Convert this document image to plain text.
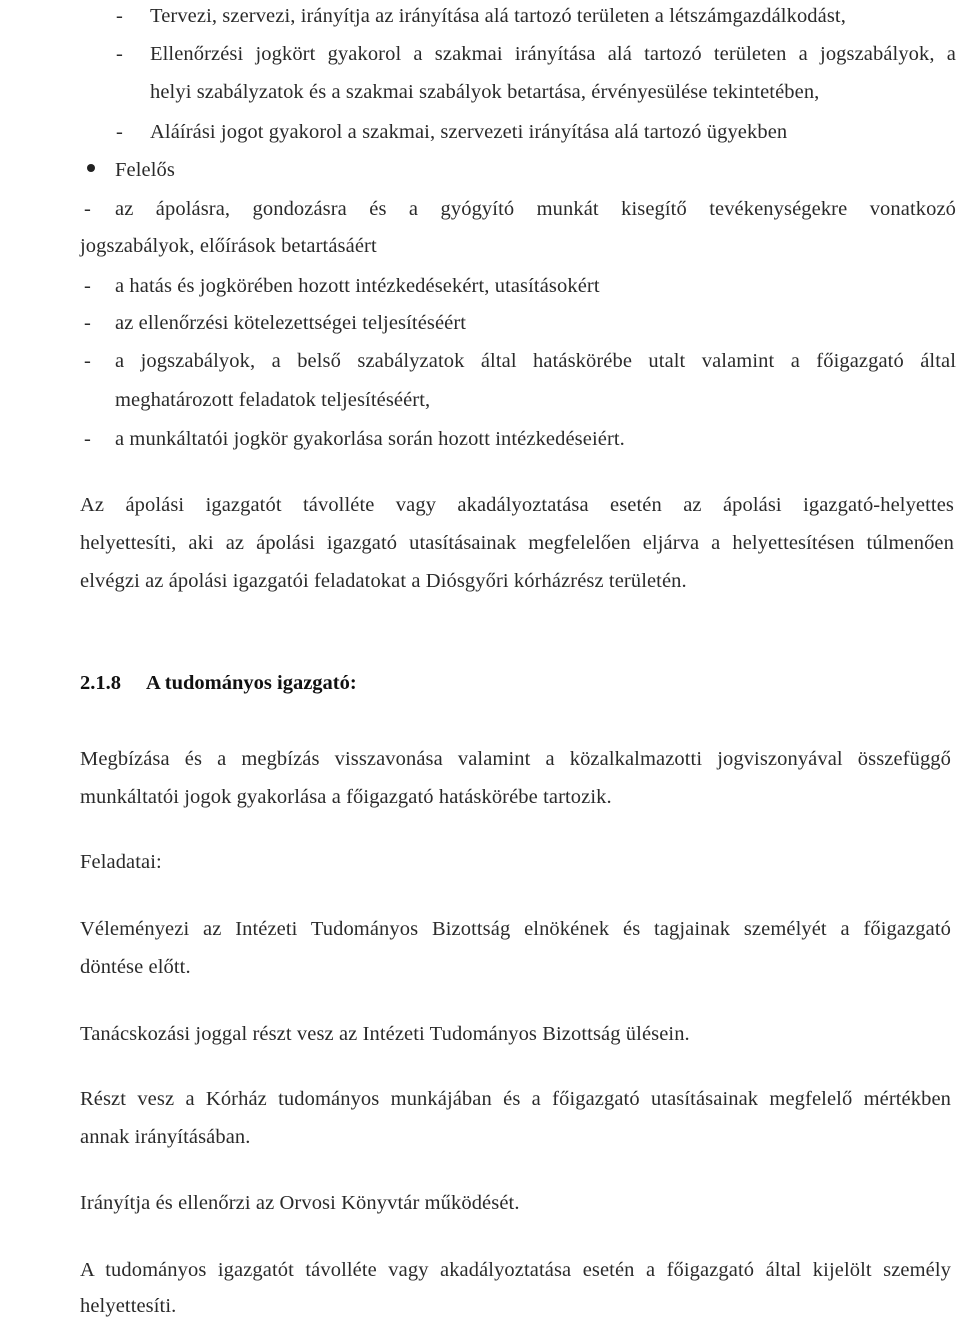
- Tervezi, szervezi, irányítja az irányítása alá tartozó területen a létszámgazdálkodást,
- Ellenőrzési jogkört gyakorol a szakmai irányítása alá tartozó területen a jogszabályok, a
helyi szabályzatok és a szakmai szabályok betartása, érvényesülése tekintetében,
- Aláírási jogot gyakorol a szakmai, szervezeti irányítása alá tartozó ügyekben
Felelős
- az ápolásra, gondozásra és a gyógyító munkát kisegítő tevékenységekre vonatkozó
jogszabályok, előírások betartásáért
- a hatás és jogkörében hozott intézkedésekért, utasításokért
- az ellenőrzési kötelezettségei teljesítéséért
- a jogszabályok, a belső szabályzatok által hatáskörébe utalt valamint a főigazgató által
meghatározott feladatok teljesítéséért,
- a munkáltatói jogkör gyakorlása során hozott intézkedéseiért.
Az ápolási igazgatót távolléte vagy akadályoztatása esetén az ápolási igazgató-helyettes
helyettesíti, aki az ápolási igazgató utasításainak megfelelően eljárva a helyettesítésen túlmenően
elvégzi az ápolási igazgatói feladatokat a Diósgyőri kórházrész területén.
2.1.8 A tudományos igazgató:
Megbízása és a megbízás visszavonása valamint a közalkalmazotti jogviszonyával összefüggő
munkáltatói jogok gyakorlása a főigazgató hatáskörébe tartozik.
Feladatai:
Véleményezi az Intézeti Tudományos Bizottság elnökének és tagjainak személyét a főigazgató
döntése előtt.
Tanácskozási joggal részt vesz az Intézeti Tudományos Bizottság ülésein.
Részt vesz a Kórház tudományos munkájában és a főigazgató utasításainak megfelelő mértékben
annak irányításában.
Irányítja és ellenőrzi az Orvosi Könyvtár működését.
A tudományos igazgatót távolléte vagy akadályoztatása esetén a főigazgató által kijelölt személy
helyettesíti.
